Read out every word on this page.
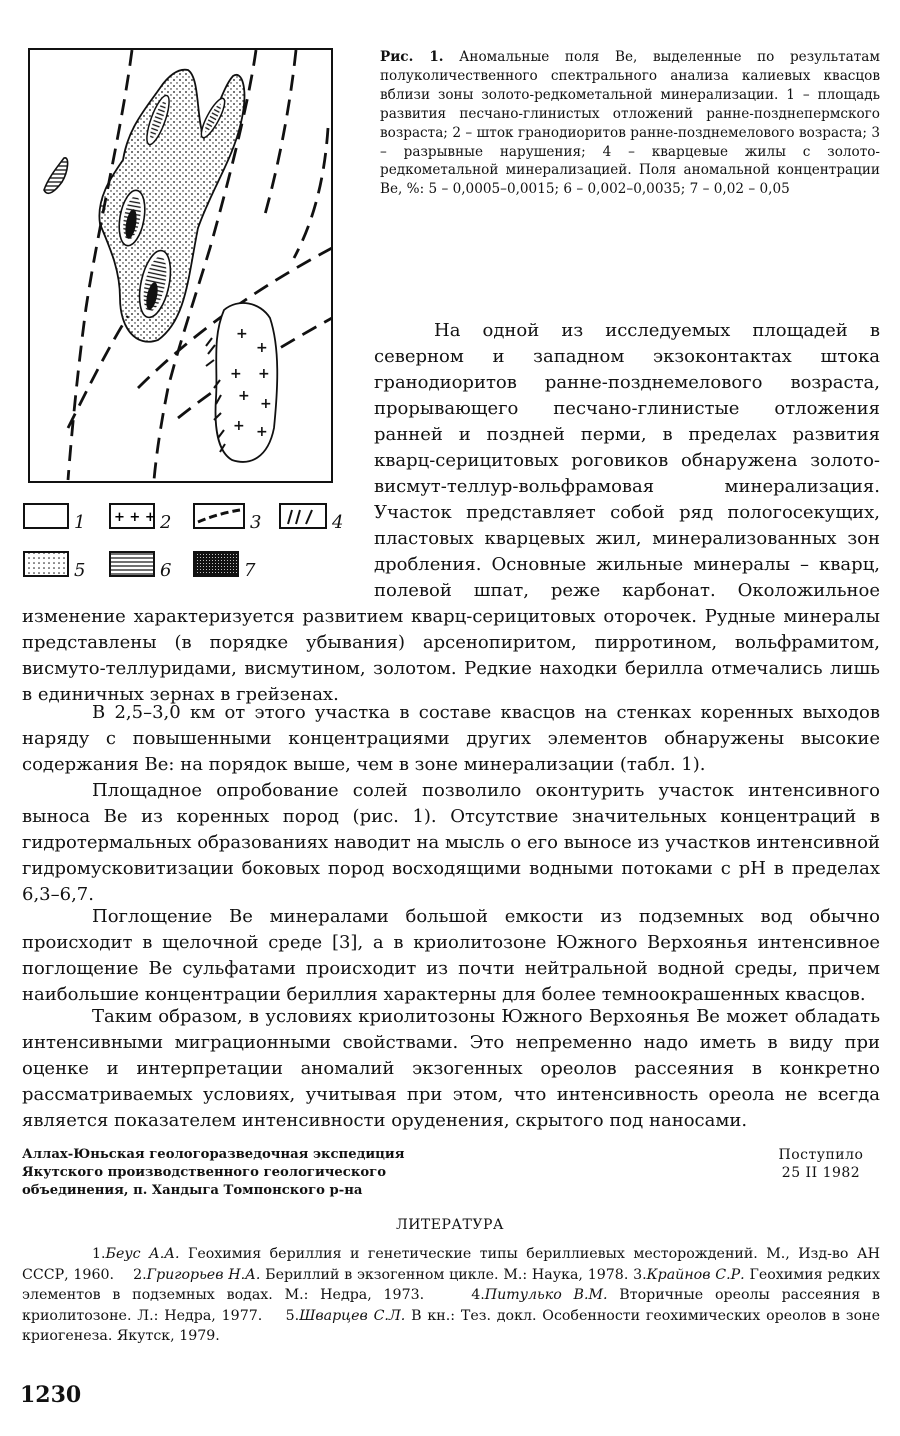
+
+
+ +
+ +
+ +
+ + +
1	2	3	4
5	6	7
Рис. 1. Аномальные поля Be, выделенные по результатам полуколичественного спектрального анализа калиевых квасцов вблизи зоны золото-редкометальной минерализации. 1 – площадь развития песчано-глинистых отложений ранне-позднепермского возраста; 2 – шток гранодиоритов ранне-позднемелового возраста; 3 – разрывные нарушения; 4 – кварцевые жилы с золото-редкометальной минерализацией. Поля аномальной концентрации Be, %: 5 – 0,0005–0,0015; 6 – 0,002–0,0035; 7 – 0,02 – 0,05

На одной из исследуемых площадей в северном и западном экзоконтактах штока гранодиоритов ранне-позднемелового возраста, прорывающего песчано-глинистые отложения ранней и поздней перми, в пределах развития кварц-серицитовых роговиков обнаружена золото-висмут-теллур-вольфрамовая минерализация. Участок представляет собой ряд пологосекущих, пластовых кварцевых жил, минерализованных зон дробления. Основные жильные минералы – кварц, полевой шпат, реже карбонат. Околожильное изменение характеризуется развитием кварц-серицитовых оторочек. Рудные минералы представлены (в порядке убывания) арсенопиритом, пирротином, вольфрамитом, висмуто-теллуридами, висмутином, золотом. Редкие находки берилла отмечались лишь в единичных зернах в грейзенах.

В 2,5–3,0 км от этого участка в составе квасцов на стенках коренных выходов наряду с повышенными концентрациями других элементов обнаружены высокие содержания Be: на порядок выше, чем в зоне минерализации (табл. 1).

Площадное опробование солей позволило оконтурить участок интенсивного выноса Be из коренных пород (рис. 1). Отсутствие значительных концентраций в гидротермальных образованиях наводит на мысль о его выносе из участков интенсивной гидромусковитизации боковых пород восходящими водными потоками с pH в пределах 6,3–6,7.

Поглощение Be минералами большой емкости из подземных вод обычно происходит в щелочной среде [3], а в криолитозоне Южного Верхоянья интенсивное поглощение Be сульфатами происходит из почти нейтральной водной среды, причем наибольшие концентрации бериллия характерны для более темноокрашенных квасцов.

Таким образом, в условиях криолитозоны Южного Верхоянья Be может обладать интенсивными миграционными свойствами. Это непременно надо иметь в виду при оценке и интерпретации аномалий экзогенных ореолов рассеяния в конкретно рассматриваемых условиях, учитывая при этом, что интенсивность ореола не всегда является показателем интенсивности оруденения, скрытого под наносами.

Аллах-Юньская геологоразведочная экспедиция
Якутского производственного геологического
объединения, п. Хандыга Томпонского р-на
Поступило
25 II 1982
ЛИТЕРАТУРА
1.Беус А.А. Геохимия бериллия и генетические типы бериллиевых месторождений. М., Изд-во АН СССР, 1960. 2.Григорьев Н.А. Бериллий в экзогенном цикле. М.: Наука, 1978. 3.Крайнов С.Р. Геохимия редких элементов в подземных водах. М.: Недра, 1973.	4.Питулько В.М. Вторичные ореолы рассеяния в криолитозоне. Л.: Недра, 1977. 5.Шварцев С.Л. В кн.: Тез. докл. Особенности геохимических ореолов в зоне криогенеза. Якутск, 1979.
1230
